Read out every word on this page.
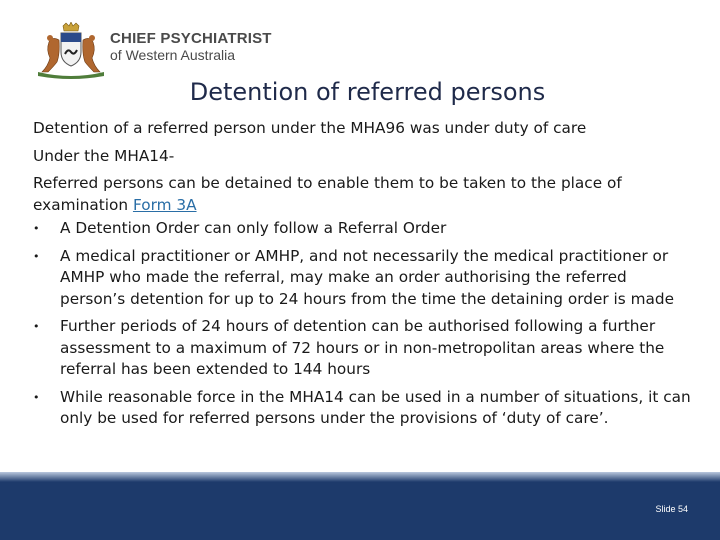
CHIEF PSYCHIATRIST
of Western Australia
Detention of referred persons

Detention of a referred person under the MHA96 was under duty of care

Under the MHA14-

Referred persons can be detained to enable them to be taken to the place of examination Form 3A

• A Detention Order can only follow a Referral Order
• A medical practitioner or AMHP, and not necessarily the medical practitioner or AMHP who made the referral, may make an order authorising the referred person’s detention for up to 24 hours from the time the detaining order is made
• Further periods of 24 hours of detention can be authorised following a further assessment to a maximum of 72 hours or in non-metropolitan areas where the referral has been extended to 144 hours
• While reasonable force in the MHA14 can be used in a number of situations, it can only be used for referred persons under the provisions of ‘duty of care’.
Slide 54
